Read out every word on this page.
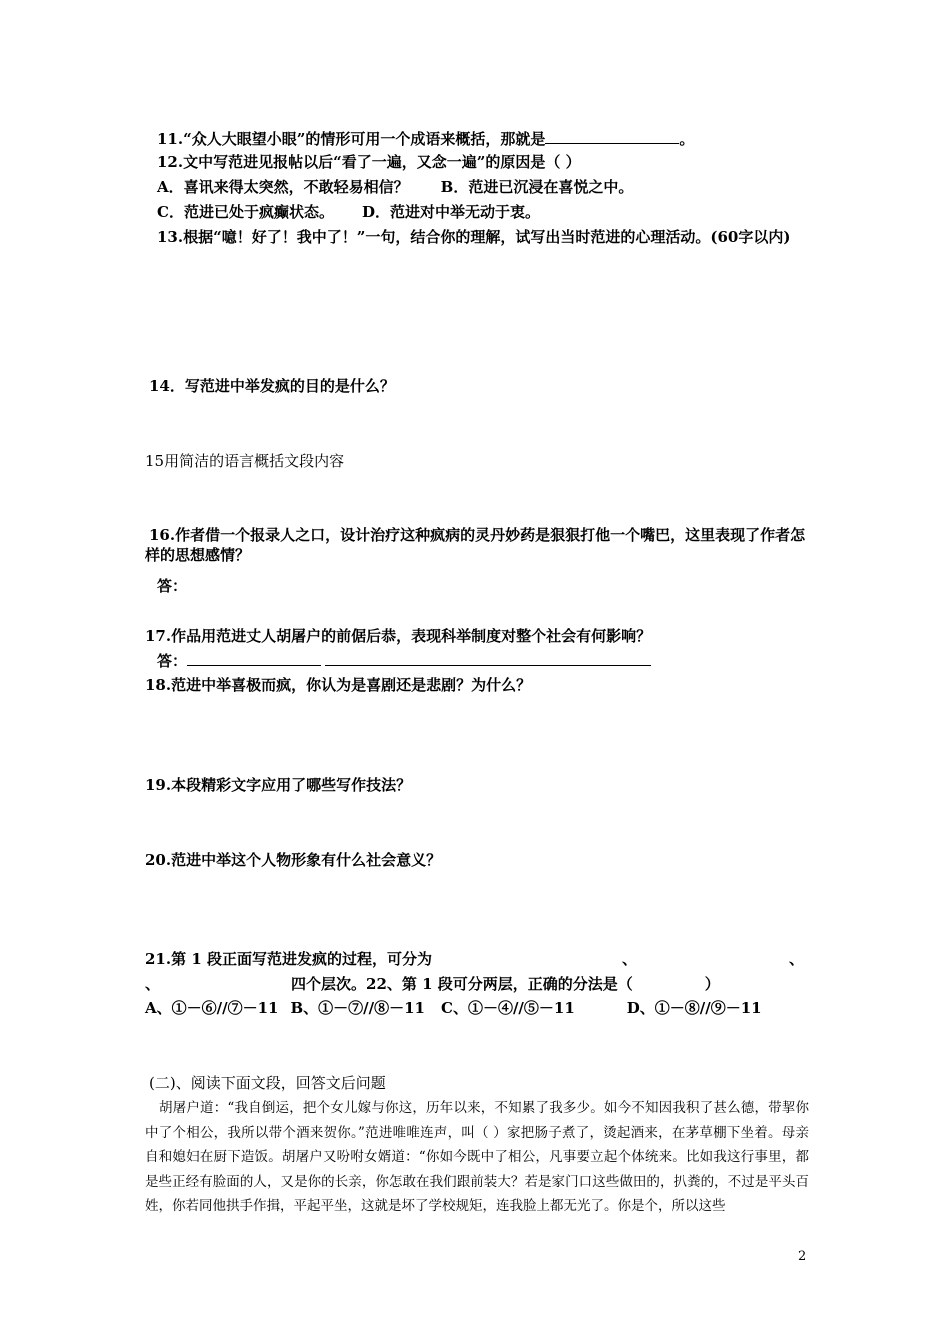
11.“众人大眼望小眼”的情形可用一个成语来概括，那就是	。
12.文中写范进见报帖以后“看了一遍，又念一遍”的原因是（ ）
A．喜讯来得太突然，不敢轻易相信？ B．范进已沉浸在喜悦之中。
C．范进已处于疯癫状态。 D．范进对中举无动于衷。
13.根据“噫！好了！我中了！”一句，结合你的理解，试写出当时范进的心理活动。(60字以内)
14．写范进中举发疯的目的是什么？
15用简洁的语言概括文段内容
16.作者借一个报录人之口，设计治疗这种疯病的灵丹妙药是狠狠打他一个嘴巴，这里表现了作者怎样的思想感情？
答：
17.作品用范进丈人胡屠户的前倨后恭，表现科举制度对整个社会有何影响？
答：
18.范进中举喜极而疯，你认为是喜剧还是悲剧？为什么？
19.本段精彩文字应用了哪些写作技法？
20.范进中举这个人物形象有什么社会意义？
21.第 1 段正面写范进发疯的过程，可分为	、	、
、	四个层次。22、第 1 段可分两层，正确的分法是（	）
A、①－⑥//⑦－11 B、①－⑦//⑧－11 C、①－④//⑤－11	D、①－⑧//⑨－11
(二)、阅读下面文段，回答文后问题
胡屠户道：“我自倒运，把个女儿嫁与你这，历年以来，不知累了我多少。如今不知因我积了甚么德，带挈你中了个相公，我所以带个酒来贺你。”范进唯唯连声，叫（ ）家把肠子煮了，烫起酒来，在茅草棚下坐着。母亲自和媳妇在厨下造饭。胡屠户又吩咐女婿道：“你如今既中了相公，凡事要立起个体统来。比如我这行事里，都是些正经有脸面的人，又是你的长亲，你怎敢在我们跟前装大？若是家门口这些做田的，扒粪的，不过是平头百姓，你若同他拱手作揖，平起平坐，这就是坏了学校规矩，连我脸上都无光了。你是个，所以这些
2
